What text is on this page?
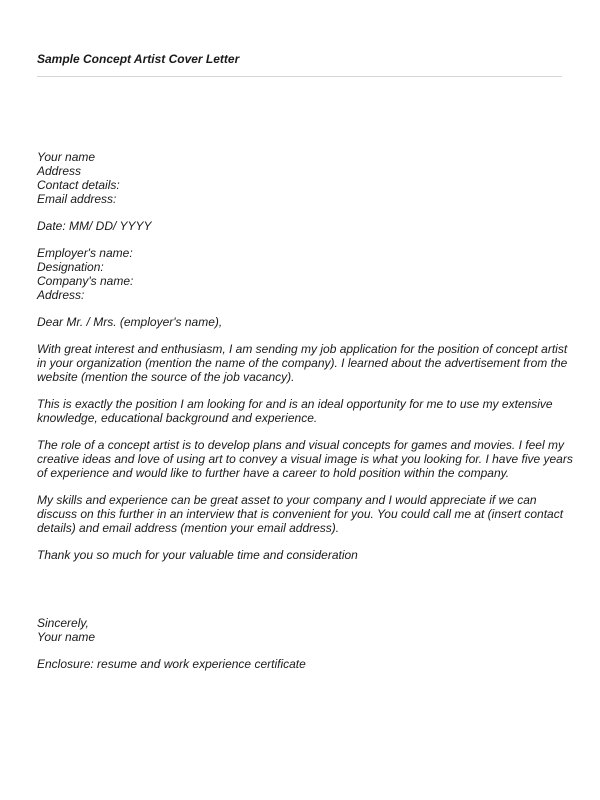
Sample Concept Artist Cover Letter
Your name
Address
Contact details:
Email address:
Date: MM/ DD/ YYYY
Employer's name:
Designation:
Company's name:
Address:
Dear Mr. / Mrs. (employer's name),

With great interest and enthusiasm, I am sending my job application for the position of concept artist in your organization (mention the name of the company). I learned about the advertisement from the website (mention the source of the job vacancy).

This is exactly the position I am looking for and is an ideal opportunity for me to use my extensive knowledge, educational background and experience.

The role of a concept artist is to develop plans and visual concepts for games and movies. I feel my creative ideas and love of using art to convey a visual image is what you looking for. I have five years of experience and would like to further have a career to hold position within the company.

My skills and experience can be great asset to your company and I would appreciate if we can discuss on this further in an interview that is convenient for you. You could call me at (insert contact details) and email address (mention your email address).

Thank you so much for your valuable time and consideration

Sincerely,
Your name
Enclosure: resume and work experience certificate
